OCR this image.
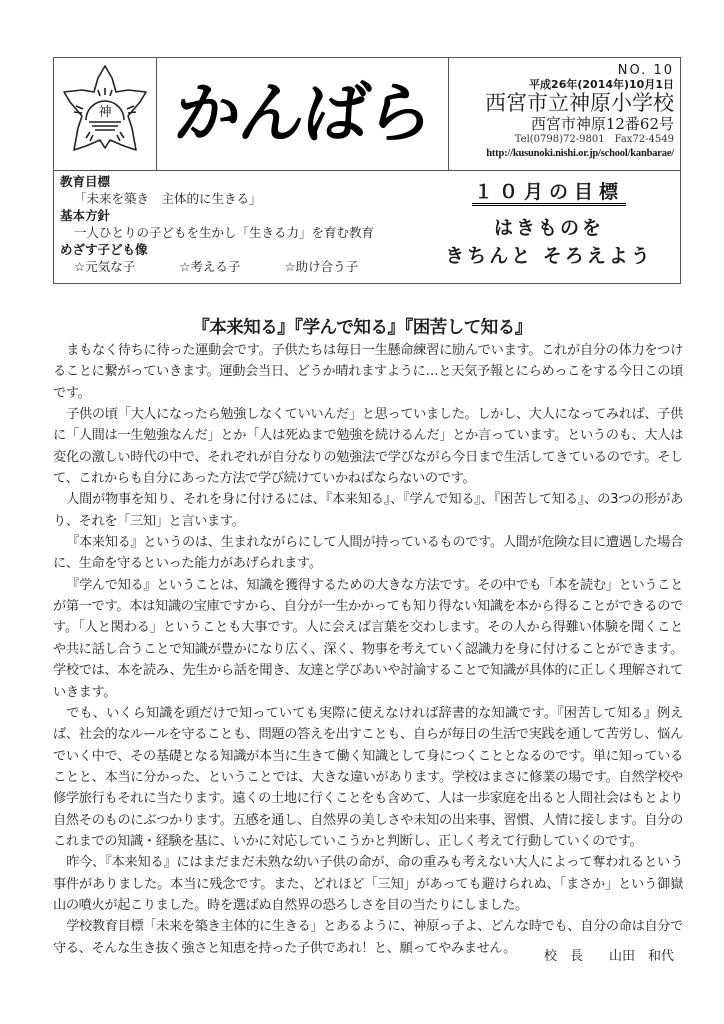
神 かんばら
NO. 10
平成26年(2014年)10月1日
西宮市立神原小学校
西宮市神原12番62号
Tel(0798)72-9801　Fax72-4549
http://kusunoki.nishi.or.jp/school/kanbarae/
教育目標
「未来を築き　主体的に生きる」
基本方針
一人ひとりの子どもを生かし「生きる力」を育む教育
めざす子ども像
☆元気な子	☆考える子	☆助け合う子
１０月の目標
はきものを
きちんと そろえよう
『本来知る』『学んで知る』『困苦して知る』

まもなく待ちに待った運動会です。子供たちは毎日一生懸命練習に励んでいます。これが自分の体力をつけることに繋がっていきます。運動会当日、どうか晴れますように…と天気予報とにらめっこをする今日この頃です。

子供の頃「大人になったら勉強しなくていいんだ」と思っていました。しかし、大人になってみれば、子供に「人間は一生勉強なんだ」とか「人は死ぬまで勉強を続けるんだ」とか言っています。というのも、大人は変化の激しい時代の中で、それぞれが自分なりの勉強法で学びながら今日まで生活してきているのです。そして、これからも自分にあった方法で学び続けていかねばならないのです。

人間が物事を知り、それを身に付けるには、『本来知る』、『学んで知る』、『困苦して知る』、の3つの形があり、それを「三知」と言います。

『本来知る』というのは、生まれながらにして人間が持っているものです。人間が危険な目に遭遇した場合に、生命を守るといった能力があげられます。

『学んで知る』ということは、知識を獲得するための大きな方法です。その中でも「本を読む」ということが第一です。本は知識の宝庫ですから、自分が一生かかっても知り得ない知識を本から得ることができるのです。「人と関わる」ということも大事です。人に会えば言葉を交わします。その人から得難い体験を聞くことや共に話し合うことで知識が豊かになり広く、深く、物事を考えていく認識力を身に付けることができます。学校では、本を読み、先生から話を聞き、友達と学びあいや討論することで知識が具体的に正しく理解されていきます。

でも、いくら知識を頭だけで知っていても実際に使えなければ辞書的な知識です。『困苦して知る』例えば、社会的なルールを守ることも、問題の答えを出すことも、自らが毎日の生活で実践を通して苦労し、悩んでいく中で、その基礎となる知識が本当に生きて働く知識として身につくこととなるのです。単に知っていることと、本当に分かった、ということでは、大きな違いがあります。学校はまさに修業の場です。自然学校や修学旅行もそれに当たります。遠くの土地に行くことをも含めて、人は一歩家庭を出ると人間社会はもとより自然そのものにぶつかります。五感を通し、自然界の美しさや未知の出来事、習慣、人情に接します。自分のこれまでの知識・経験を基に、いかに対応していこうかと判断し、正しく考えて行動していくのです。

昨今、『本来知る』にはまだまだ未熟な幼い子供の命が、命の重みも考えない大人によって奪われるという事件がありました。本当に残念です。また、どれほど「三知」があっても避けられぬ、「まさか」という御嶽山の噴火が起こりました。時を選ばぬ自然界の恐ろしさを目の当たりにしました。

学校教育目標「未来を築き主体的に生きる」とあるように、神原っ子よ、どんな時でも、自分の命は自分で守る、そんな生き抜く強さと知恵を持った子供であれ！と、願ってやみません。

校　長 山田　和代
